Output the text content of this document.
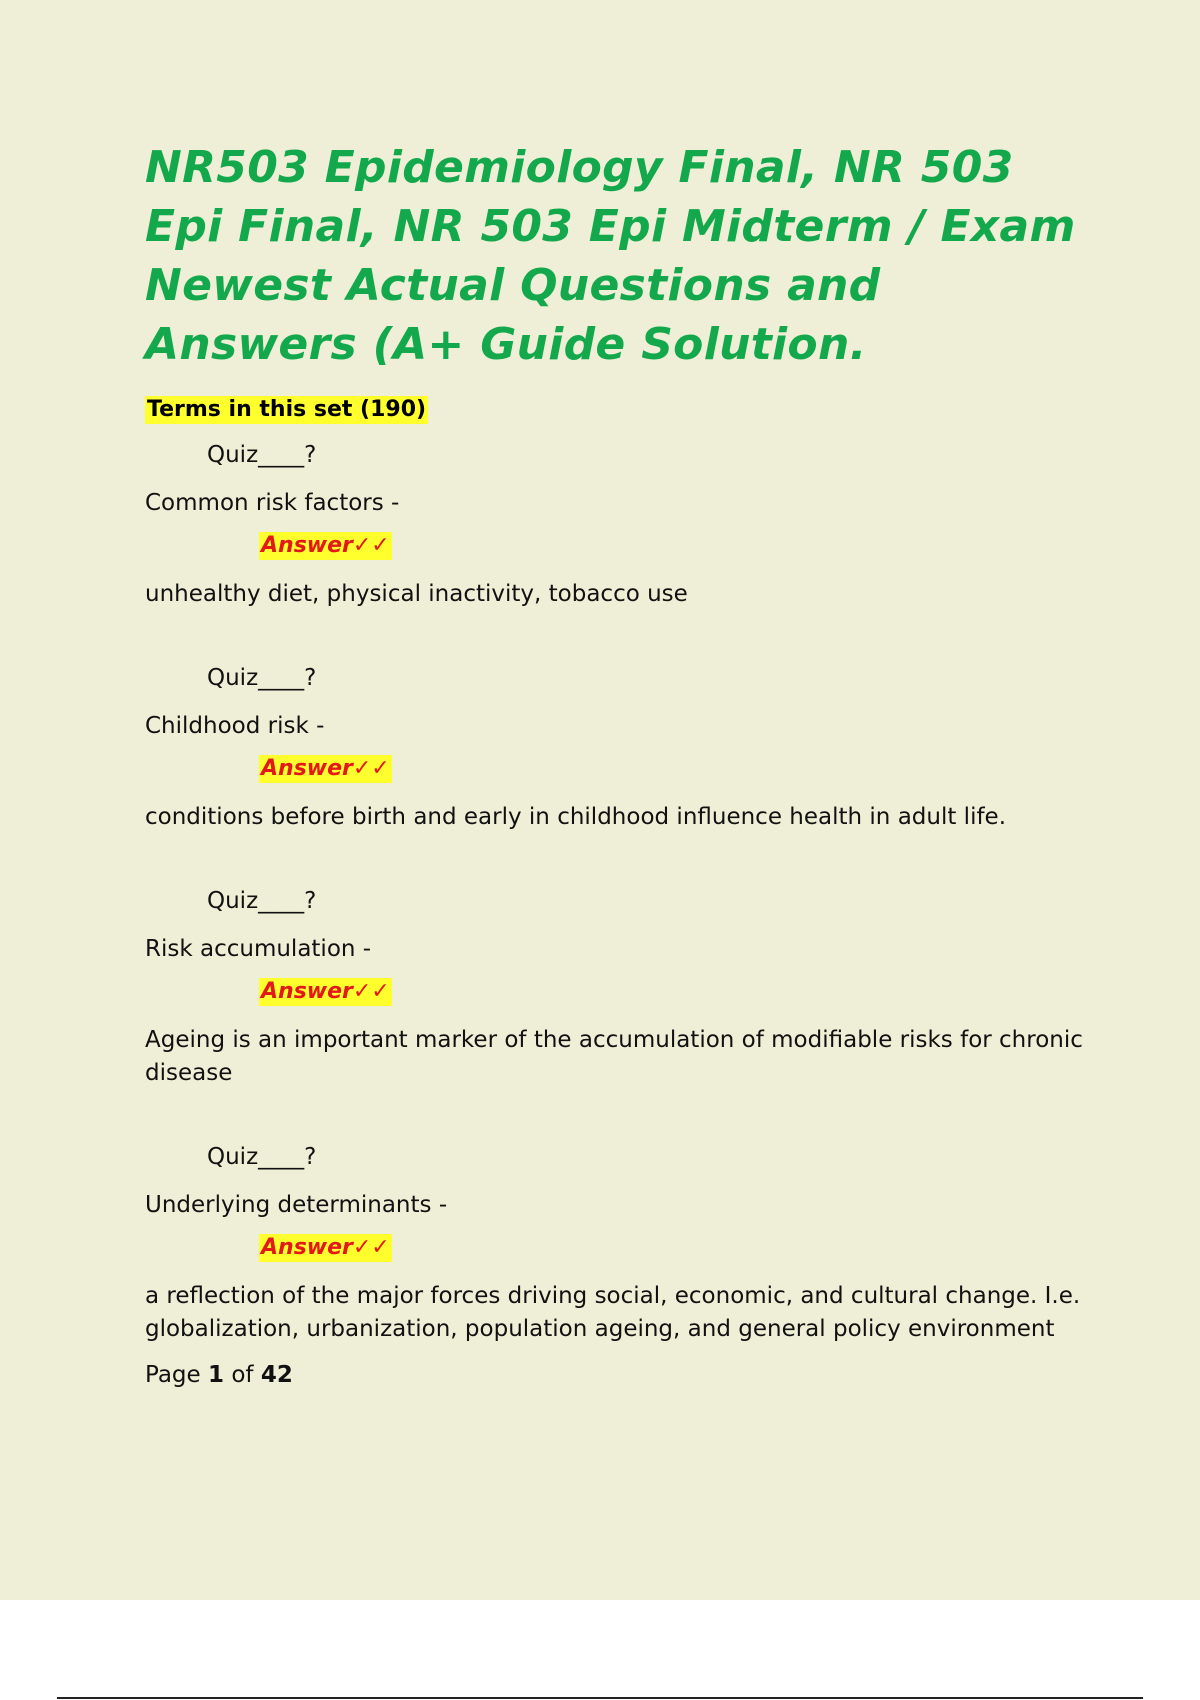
NR503 Epidemiology Final, NR 503 Epi Final, NR 503 Epi Midterm / Exam Newest Actual Questions and Answers (A+ Guide Solution.
Terms in this set (190)
Quiz____?
Common risk factors -
Answer✓✓
unhealthy diet, physical inactivity, tobacco use
Quiz____?
Childhood risk -
Answer✓✓
conditions before birth and early in childhood influence health in adult life.
Quiz____?
Risk accumulation -
Answer✓✓
Ageing is an important marker of the accumulation of modifiable risks for chronic disease
Quiz____?
Underlying determinants -
Answer✓✓
a reflection of the major forces driving social, economic, and cultural change. I.e. globalization, urbanization, population ageing, and general policy environment
Page 1 of 42
